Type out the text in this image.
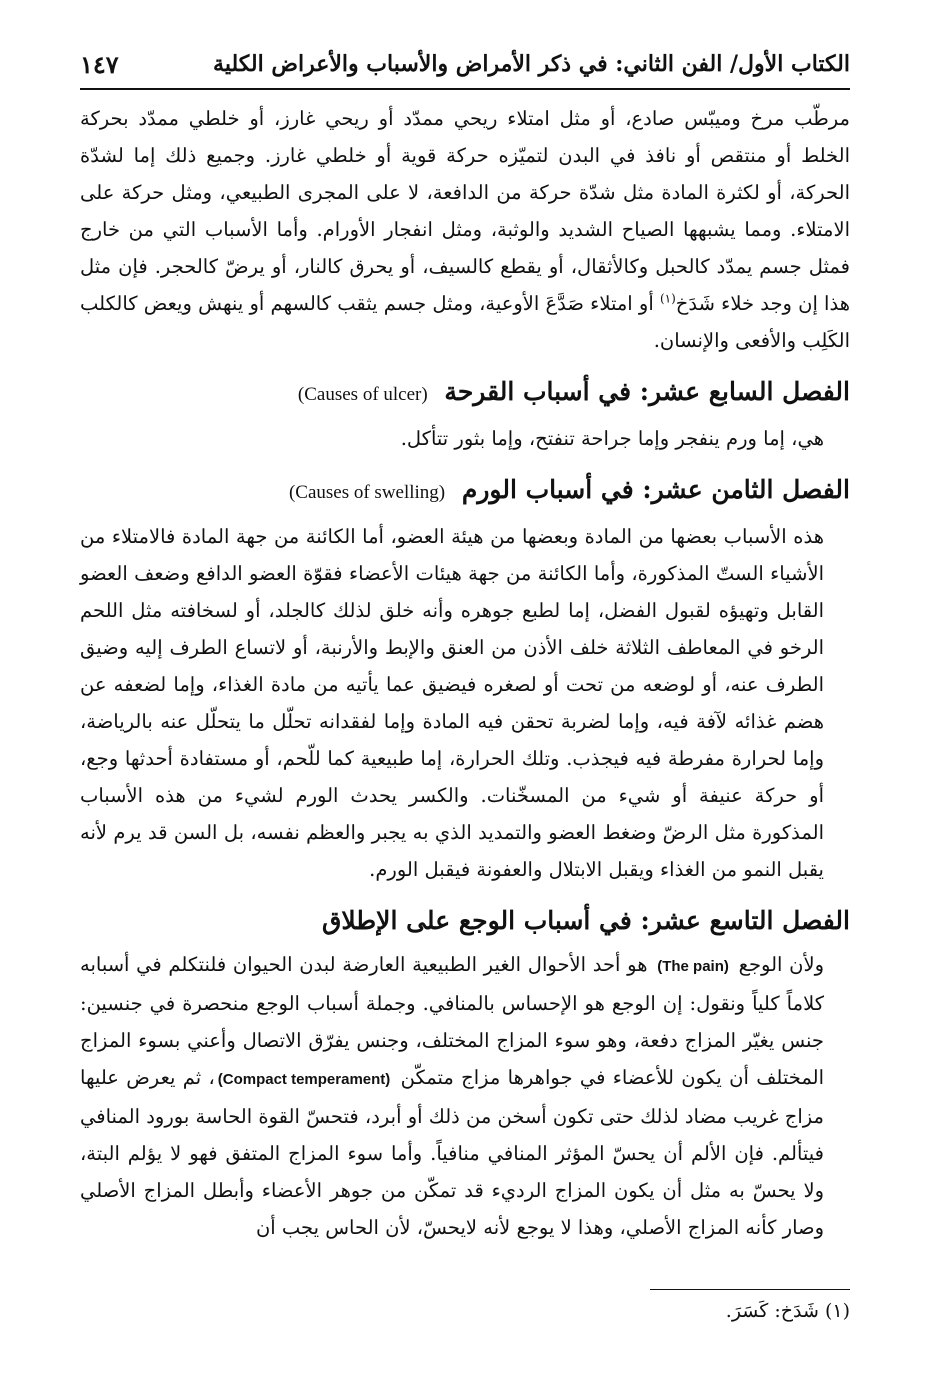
الكتاب الأول/ الفن الثاني: في ذكر الأمراض والأسباب والأعراض الكلية
١٤٧

مرطّب مرخ وميبّس صادع، أو مثل امتلاء ريحي ممدّد أو ريحي غارز، أو خلطي ممدّد بحركة الخلط أو منتقص أو نافذ في البدن لتميّزه حركة قوية أو خلطي غارز. وجميع ذلك إما لشدّة الحركة، أو لكثرة المادة مثل شدّة حركة من الدافعة، لا على المجرى الطبيعي، ومثل حركة على الامتلاء. ومما يشبهها الصياح الشديد والوثبة، ومثل انفجار الأورام. وأما الأسباب التي من خارج فمثل جسم يمدّد كالحبل وكالأثقال، أو يقطع كالسيف، أو يحرق كالنار، أو يرضّ كالحجر. فإن مثل هذا إن وجد خلاء شَدَخ$^{(١)}$ أو امتلاء صَدَّعَ الأوعية، ومثل جسم يثقب كالسهم أو ينهش ويعض كالكلب الكَلِب والأفعى والإنسان.

الفصل السابع عشر: في أسباب القرحة (Causes of ulcer)

هي، إما ورم ينفجر وإما جراحة تنفتح، وإما بثور تتأكل.

الفصل الثامن عشر: في أسباب الورم (Causes of swelling)

هذه الأسباب بعضها من المادة وبعضها من هيئة العضو، أما الكائنة من جهة المادة فالامتلاء من الأشياء الستّ المذكورة، وأما الكائنة من جهة هيئات الأعضاء فقوّة العضو الدافع وضعف العضو القابل وتهيؤه لقبول الفضل، إما لطبع جوهره وأنه خلق لذلك كالجلد، أو لسخافته مثل اللحم الرخو في المعاطف الثلاثة خلف الأذن من العنق والإبط والأرنبة، أو لاتساع الطرف إليه وضيق الطرف عنه، أو لوضعه من تحت أو لصغره فيضيق عما يأتيه من مادة الغذاء، وإما لضعفه عن هضم غذائه لآفة فيه، وإما لضربة تحقن فيه المادة وإما لفقدانه تحلّل ما يتحلّل عنه بالرياضة، وإما لحرارة مفرطة فيه فيجذب. وتلك الحرارة، إما طبيعية كما للّحم، أو مستفادة أحدثها وجع، أو حركة عنيفة أو شيء من المسخّنات. والكسر يحدث الورم لشيء من هذه الأسباب المذكورة مثل الرضّ وضغط العضو والتمديد الذي به يجبر والعظم نفسه، بل السن قد يرم لأنه يقبل النمو من الغذاء ويقبل الابتلال والعفونة فيقبل الورم.

الفصل التاسع عشر: في أسباب الوجع على الإطلاق

ولأن الوجع (The pain) هو أحد الأحوال الغير الطبيعية العارضة لبدن الحيوان فلنتكلم في أسبابه كلاماً كلياً ونقول: إن الوجع هو الإحساس بالمنافي. وجملة أسباب الوجع منحصرة في جنسين: جنس يغيّر المزاج دفعة، وهو سوء المزاج المختلف، وجنس يفرّق الاتصال وأعني بسوء المزاج المختلف أن يكون للأعضاء في جواهرها مزاج متمكّن (Compact temperament)، ثم يعرض عليها مزاج غريب مضاد لذلك حتى تكون أسخن من ذلك أو أبرد، فتحسّ القوة الحاسة بورود المنافي فيتألم. فإن الألم أن يحسّ المؤثر المنافي منافياً. وأما سوء المزاج المتفق فهو لا يؤلم البتة، ولا يحسّ به مثل أن يكون المزاج الرديء قد تمكّن من جوهر الأعضاء وأبطل المزاج الأصلي وصار كأنه المزاج الأصلي، وهذا لا يوجع لأنه لايحسّ، لأن الحاس يجب أن

(١) شَدَخ: كَسَرَ.
